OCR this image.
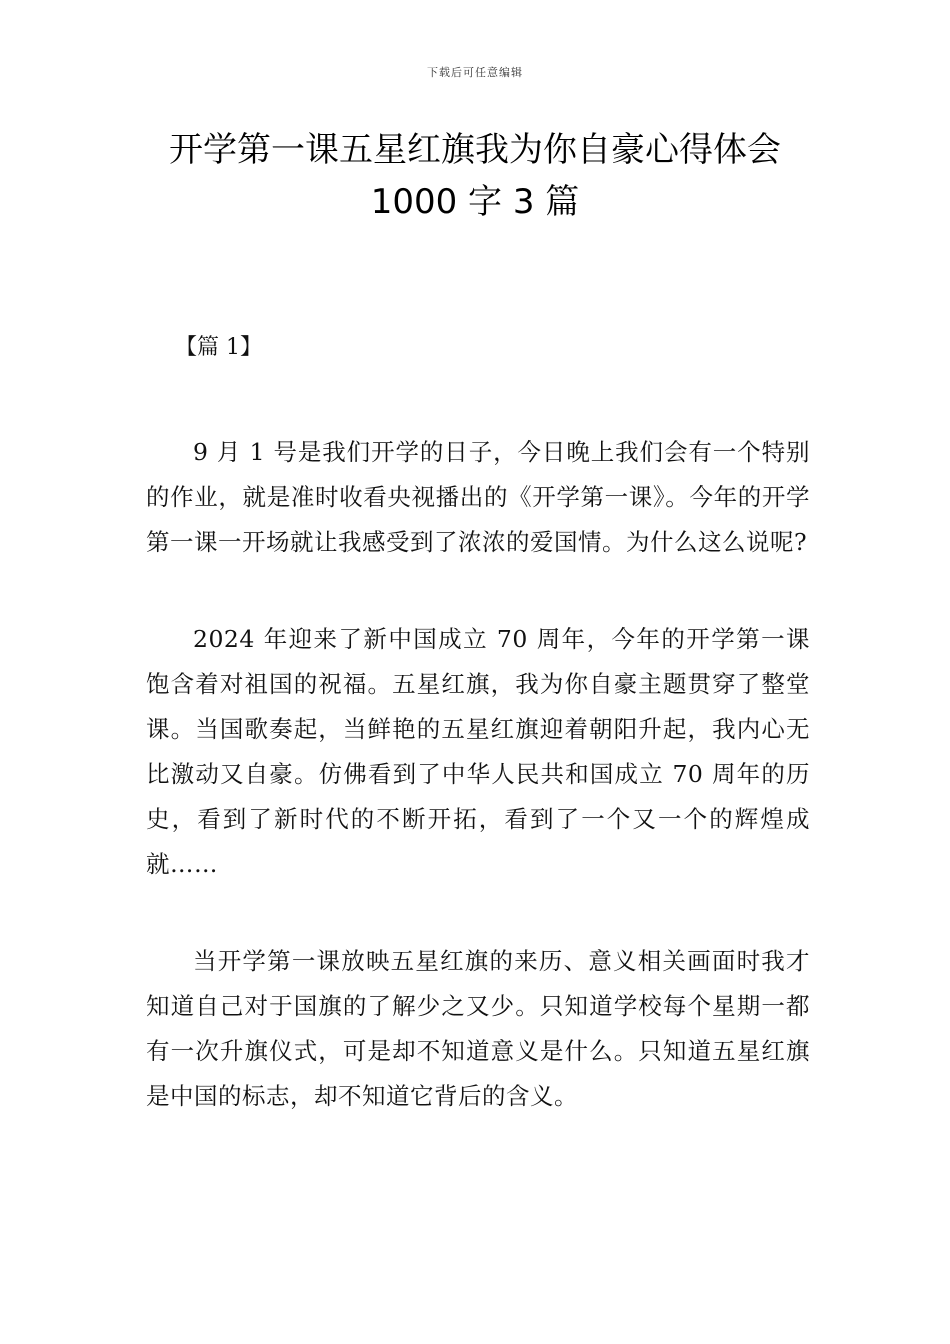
下载后可任意编辑
开学第一课五星红旗我为你自豪心得体会
1000 字 3 篇
【篇 1】

9 月 1 号是我们开学的日子，今日晚上我们会有一个特别的作业，就是准时收看央视播出的《开学第一课》。今年的开学第一课一开场就让我感受到了浓浓的爱国情。为什么这么说呢?

2024 年迎来了新中国成立 70 周年，今年的开学第一课饱含着对祖国的祝福。五星红旗，我为你自豪主题贯穿了整堂课。当国歌奏起，当鲜艳的五星红旗迎着朝阳升起，我内心无比激动又自豪。仿佛看到了中华人民共和国成立 70 周年的历史，看到了新时代的不断开拓，看到了一个又一个的辉煌成就……

当开学第一课放映五星红旗的来历、意义相关画面时我才知道自己对于国旗的了解少之又少。只知道学校每个星期一都有一次升旗仪式，可是却不知道意义是什么。只知道五星红旗是中国的标志，却不知道它背后的含义。
